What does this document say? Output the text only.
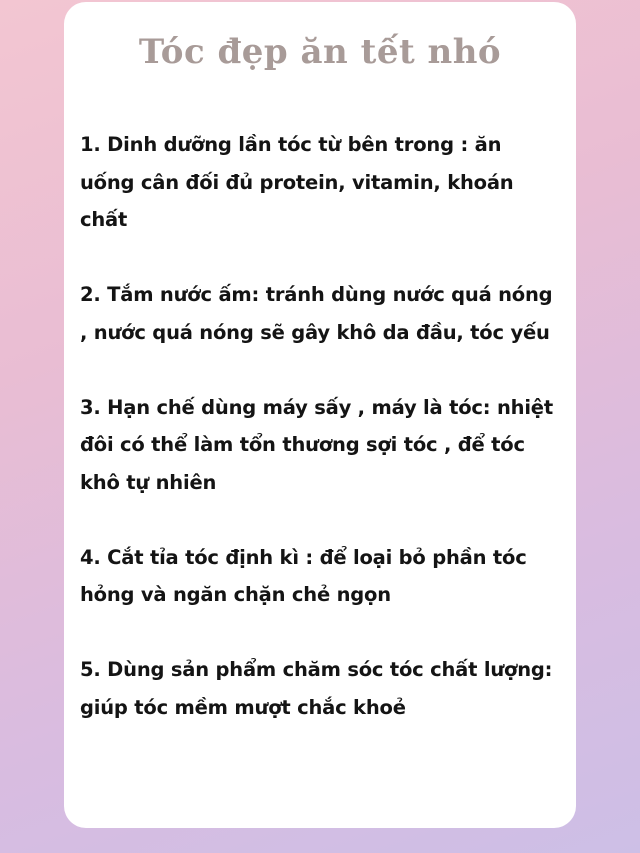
Tóc đẹp ăn tết nhó

1. Dinh dưỡng lần tóc từ bên trong : ăn uống cân đối đủ protein, vitamin, khoán chất

2. Tắm nước ấm: tránh dùng nước quá nóng , nước quá nóng sẽ gây khô da đầu, tóc yếu

3. Hạn chế dùng máy sấy , máy là tóc: nhiệt đôi có thể làm tổn thương sợi tóc , để tóc khô tự nhiên

4. Cắt tỉa tóc định kì : để loại bỏ phần tóc hỏng và ngăn chặn chẻ ngọn

5. Dùng sản phẩm chăm sóc tóc chất lượng: giúp tóc mềm mượt chắc khoẻ
